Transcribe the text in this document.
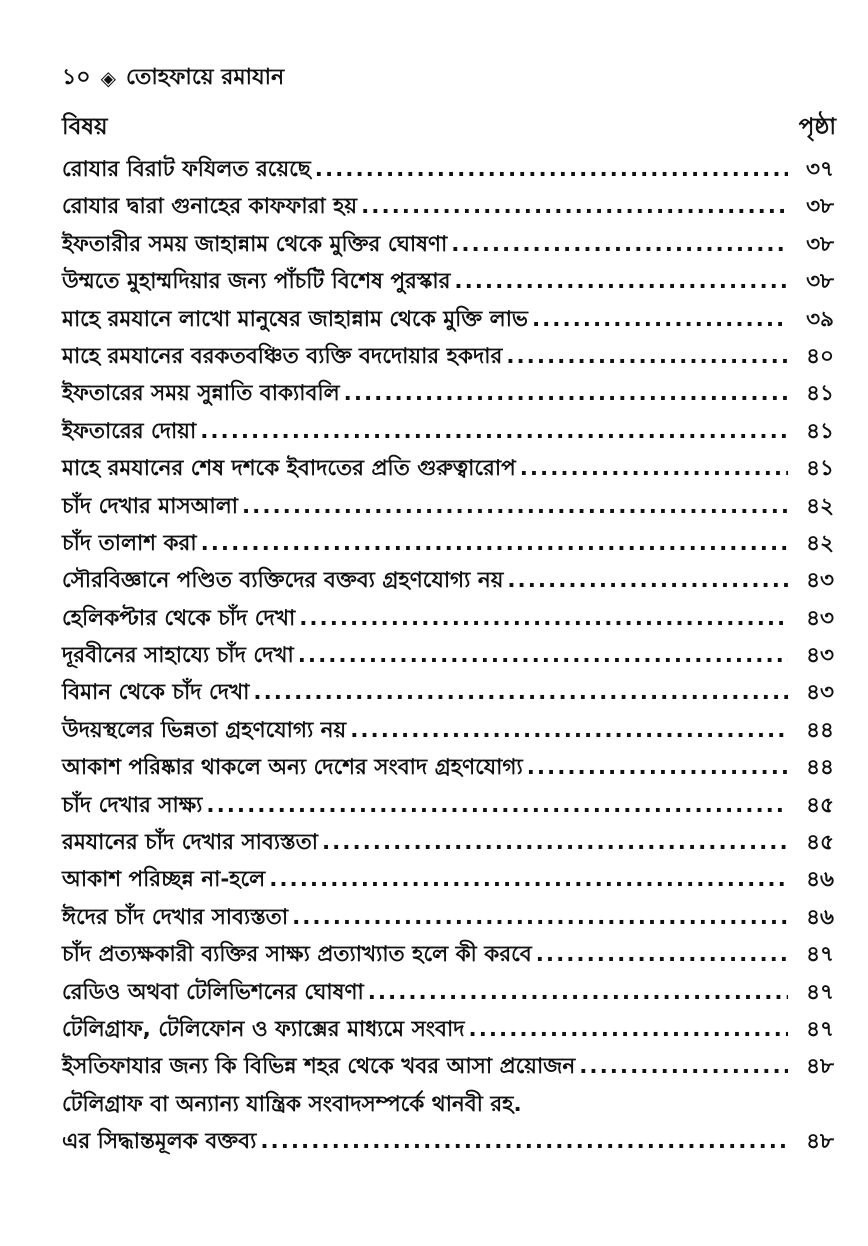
১০ ◈ তোহফায়ে রমাযান
বিষয়	পৃষ্ঠা
রোযার বিরাট ফযিলত রয়েছে .....	৩৭
রোযার দ্বারা গুনাহের কাফফারা হয় .....	৩৮
ইফতারীর সময় জাহান্নাম থেকে মুক্তির ঘোষণা .....	৩৮
উম্মতে মুহাম্মদিয়ার জন্য পাঁচটি বিশেষ পুরস্কার .....	৩৮
মাহে রমযানে লাখো মানুষের জাহান্নাম থেকে মুক্তি লাভ .....	৩৯
মাহে রমযানের বরকতবঞ্চিত ব্যক্তি বদদোয়ার হকদার .....	৪০
ইফতারের সময় সুন্নাতি বাক্যাবলি .....	৪১
ইফতারের দোয়া .....	৪১
মাহে রমযানের শেষ দশকে ইবাদতের প্রতি গুরুত্বারোপ .....	৪১
চাঁদ দেখার মাসআলা .....	৪২
চাঁদ তালাশ করা .....	৪২
সৌরবিজ্ঞানে পণ্ডিত ব্যক্তিদের বক্তব্য গ্রহণযোগ্য নয় .....	৪৩
হেলিকপ্টার থেকে চাঁদ দেখা .....	৪৩
দূরবীনের সাহায্যে চাঁদ দেখা .....	৪৩
বিমান থেকে চাঁদ দেখা .....	৪৩
উদয়স্থলের ভিন্নতা গ্রহণযোগ্য নয় .....	৪৪
আকাশ পরিষ্কার থাকলে অন্য দেশের সংবাদ গ্রহণযোগ্য .....	৪৪
চাঁদ দেখার সাক্ষ্য .....	৪৫
রমযানের চাঁদ দেখার সাব্যস্ততা .....	৪৫
আকাশ পরিচ্ছন্ন না-হলে .....	৪৬
ঈদের চাঁদ দেখার সাব্যস্ততা .....	৪৬
চাঁদ প্রত্যক্ষকারী ব্যক্তির সাক্ষ্য প্রত্যাখ্যাত হলে কী করবে .....	৪৭
রেডিও অথবা টেলিভিশনের ঘোষণা .....	৪৭
টেলিগ্রাফ, টেলিফোন ও ফ্যাক্সের মাধ্যমে সংবাদ .....	৪৭
ইসতিফাযার জন্য কি বিভিন্ন শহর থেকে খবর আসা প্রয়োজন .....	৪৮
টেলিগ্রাফ বা অন্যান্য যান্ত্রিক সংবাদসম্পর্কে থানবী রহ.
এর সিদ্ধান্তমূলক বক্তব্য .....	৪৮
